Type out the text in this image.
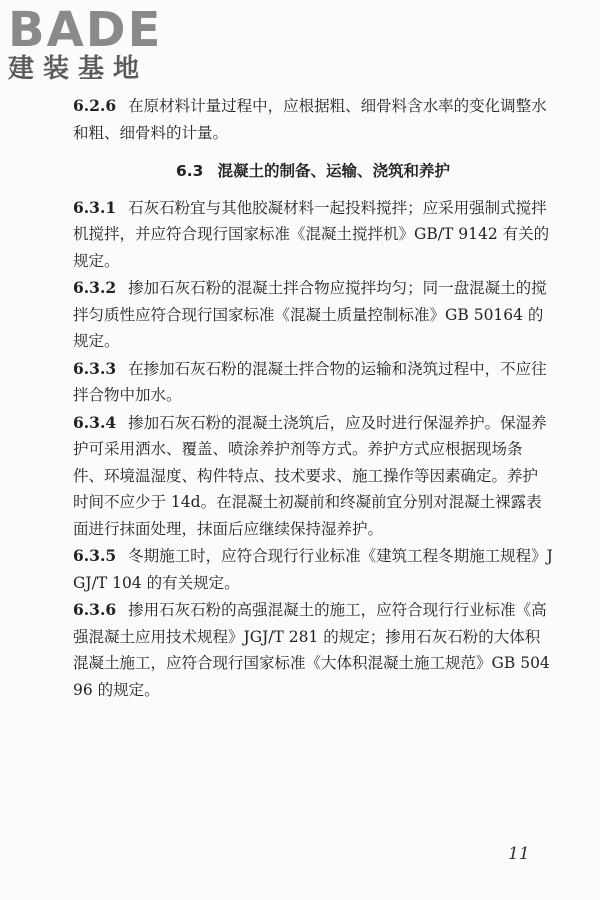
BADE
建装基地

6.2.6 在原材料计量过程中，应根据粗、细骨料含水率的变化调整水和粗、细骨料的计量。

6.3 混凝土的制备、运输、浇筑和养护

6.3.1 石灰石粉宜与其他胶凝材料一起投料搅拌；应采用强制式搅拌机搅拌，并应符合现行国家标准《混凝土搅拌机》GB/T 9142 有关的规定。

6.3.2 掺加石灰石粉的混凝土拌合物应搅拌均匀；同一盘混凝土的搅拌匀质性应符合现行国家标准《混凝土质量控制标准》GB 50164 的规定。

6.3.3 在掺加石灰石粉的混凝土拌合物的运输和浇筑过程中，不应往拌合物中加水。

6.3.4 掺加石灰石粉的混凝土浇筑后，应及时进行保湿养护。保湿养护可采用洒水、覆盖、喷涂养护剂等方式。养护方式应根据现场条件、环境温湿度、构件特点、技术要求、施工操作等因素确定。养护时间不应少于 14d。在混凝土初凝前和终凝前宜分别对混凝土裸露表面进行抹面处理，抹面后应继续保持湿养护。

6.3.5 冬期施工时，应符合现行行业标准《建筑工程冬期施工规程》JGJ/T 104 的有关规定。

6.3.6 掺用石灰石粉的高强混凝土的施工，应符合现行行业标准《高强混凝土应用技术规程》JGJ/T 281 的规定；掺用石灰石粉的大体积混凝土施工，应符合现行国家标准《大体积混凝土施工规范》GB 50496 的规定。

11
